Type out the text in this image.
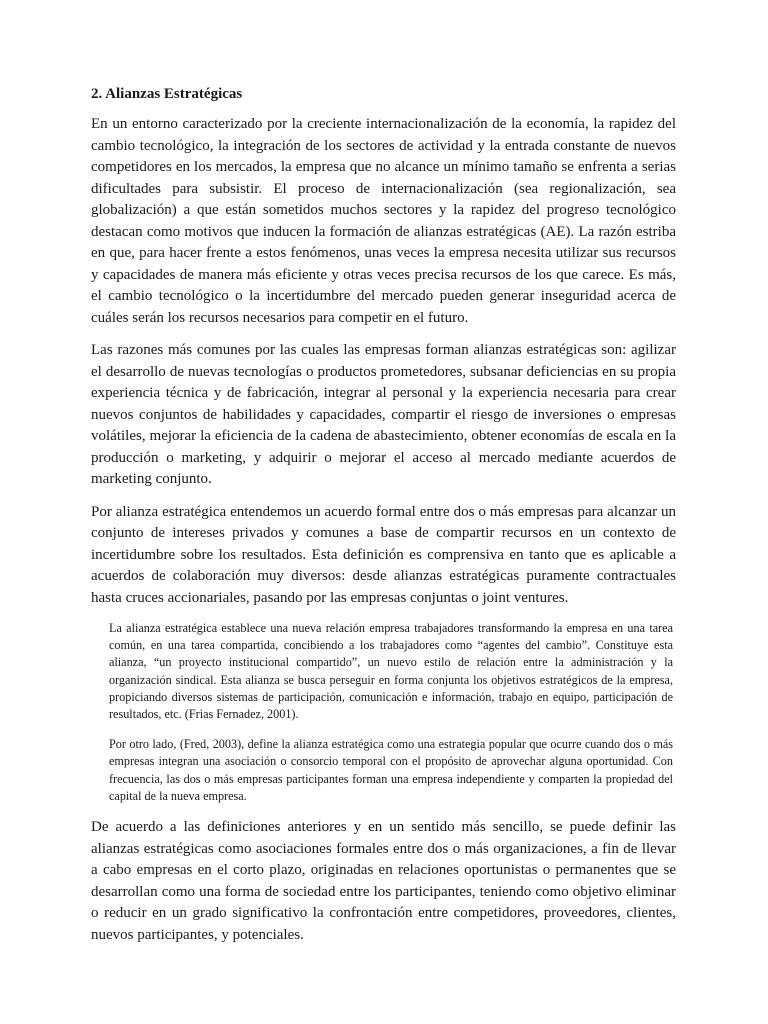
2. Alianzas Estratégicas

En un entorno caracterizado por la creciente internacionalización de la economía, la rapidez del cambio tecnológico, la integración de los sectores de actividad y la entrada constante de nuevos competidores en los mercados, la empresa que no alcance un mínimo tamaño se enfrenta a serias dificultades para subsistir. El proceso de internacionalización (sea regionalización, sea globalización) a que están sometidos muchos sectores y la rapidez del progreso tecnológico destacan como motivos que inducen la formación de alianzas estratégicas (AE). La razón estriba en que, para hacer frente a estos fenómenos, unas veces la empresa necesita utilizar sus recursos y capacidades de manera más eficiente y otras veces precisa recursos de los que carece. Es más, el cambio tecnológico o la incertidumbre del mercado pueden generar inseguridad acerca de cuáles serán los recursos necesarios para competir en el futuro.

Las razones más comunes por las cuales las empresas forman alianzas estratégicas son: agilizar el desarrollo de nuevas tecnologías o productos prometedores, subsanar deficiencias en su propia experiencia técnica y de fabricación, integrar al personal y la experiencia necesaria para crear nuevos conjuntos de habilidades y capacidades, compartir el riesgo de inversiones o empresas volátiles, mejorar la eficiencia de la cadena de abastecimiento, obtener economías de escala en la producción o marketing, y adquirir o mejorar el acceso al mercado mediante acuerdos de marketing conjunto.

Por alianza estratégica entendemos un acuerdo formal entre dos o más empresas para alcanzar un conjunto de intereses privados y comunes a base de compartir recursos en un contexto de incertidumbre sobre los resultados. Esta definición es comprensiva en tanto que es aplicable a acuerdos de colaboración muy diversos: desde alianzas estratégicas puramente contractuales hasta cruces accionariales, pasando por las empresas conjuntas o joint ventures.

La alianza estratégica establece una nueva relación empresa trabajadores transformando la empresa en una tarea común, en una tarea compartida, concibiendo a los trabajadores como “agentes del cambio”. Constituye esta alianza, “un proyecto institucional compartido”, un nuevo estilo de relación entre la administración y la organización sindical. Esta alianza se busca perseguir en forma conjunta los objetivos estratégicos de la empresa, propiciando diversos sistemas de participación, comunicación e información, trabajo en equipo, participación de resultados, etc. (Frias Fernadez, 2001).

Por otro lado, (Fred, 2003), define la alianza estratégica como una estrategia popular que ocurre cuando dos o más empresas integran una asociación o consorcio temporal con el propósito de aprovechar alguna oportunidad. Con frecuencia, las dos o más empresas participantes forman una empresa independiente y comparten la propiedad del capital de la nueva empresa.

De acuerdo a las definiciones anteriores y en un sentido más sencillo, se puede definir las alianzas estratégicas como asociaciones formales entre dos o más organizaciones, a fin de llevar a cabo empresas en el corto plazo, originadas en relaciones oportunistas o permanentes que se desarrollan como una forma de sociedad entre los participantes, teniendo como objetivo eliminar o reducir en un grado significativo la confrontación entre competidores, proveedores, clientes, nuevos participantes, y potenciales.
